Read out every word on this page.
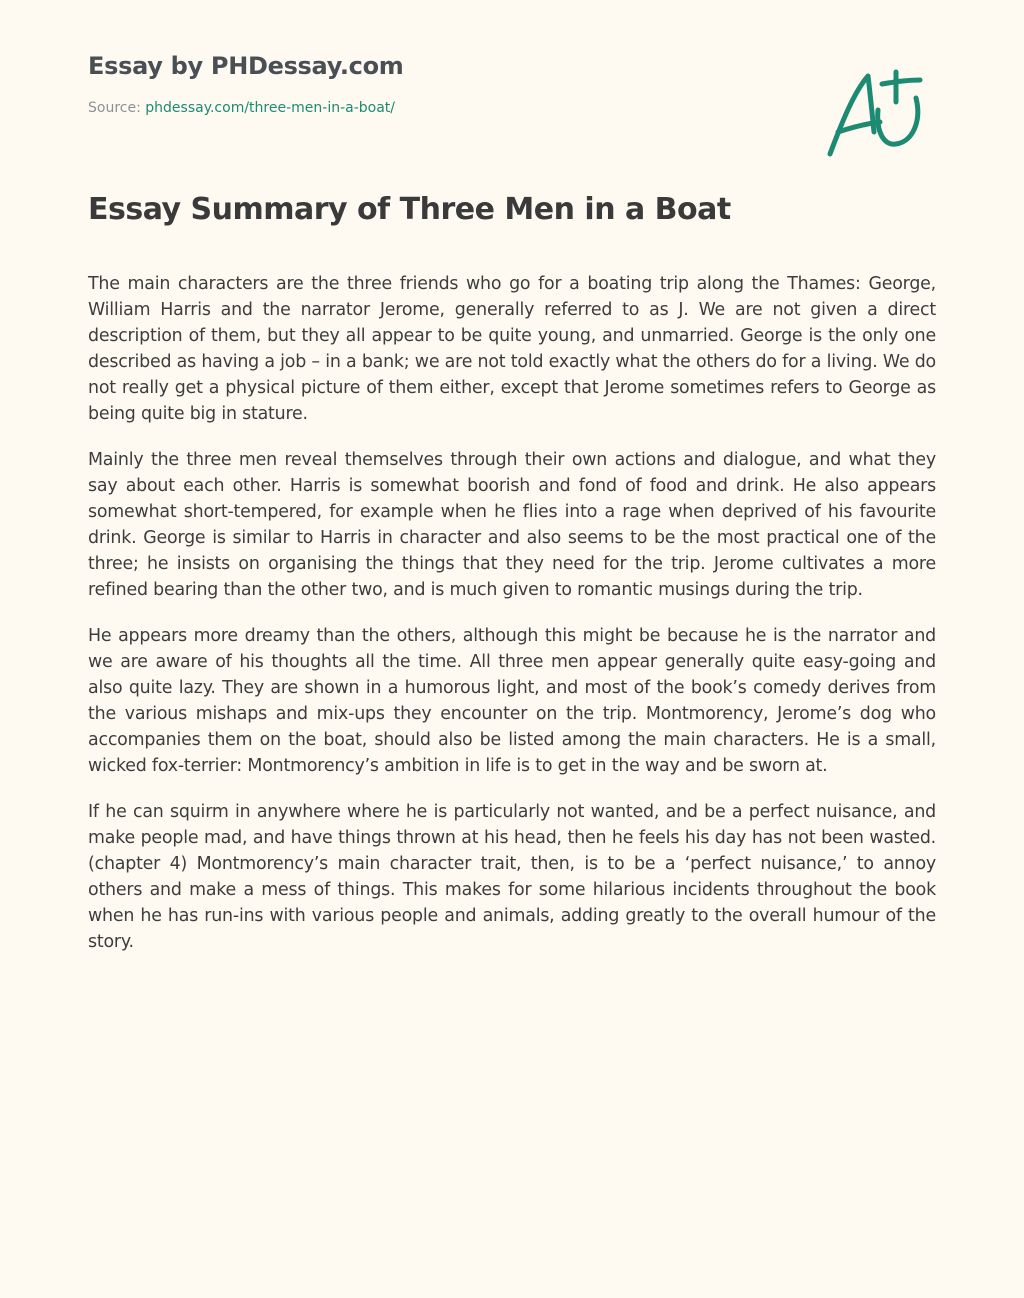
Essay by PHDessay.com
Source: phdessay.com/three-men-in-a-boat/
Essay Summary of Three Men in a Boat

The main characters are the three friends who go for a boating trip along the Thames: George, William Harris and the narrator Jerome, generally referred to as J. We are not given a direct description of them, but they all appear to be quite young, and unmarried. George is the only one described as having a job – in a bank; we are not told exactly what the others do for a living. We do not really get a physical picture of them either, except that Jerome sometimes refers to George as being quite big in stature.

Mainly the three men reveal themselves through their own actions and dialogue, and what they say about each other. Harris is somewhat boorish and fond of food and drink. He also appears somewhat short-tempered, for example when he flies into a rage when deprived of his favourite drink. George is similar to Harris in character and also seems to be the most practical one of the three; he insists on organising the things that they need for the trip. Jerome cultivates a more refined bearing than the other two, and is much given to romantic musings during the trip.

He appears more dreamy than the others, although this might be because he is the narrator and we are aware of his thoughts all the time. All three men appear generally quite easy-going and also quite lazy. They are shown in a humorous light, and most of the book’s comedy derives from the various mishaps and mix-ups they encounter on the trip. Montmorency, Jerome’s dog who accompanies them on the boat, should also be listed among the main characters. He is a small, wicked fox-terrier: Montmorency’s ambition in life is to get in the way and be sworn at.

If he can squirm in anywhere where he is particularly not wanted, and be a perfect nuisance, and make people mad, and have things thrown at his head, then he feels his day has not been wasted. (chapter 4) Montmorency’s main character trait, then, is to be a ‘perfect nuisance,’ to annoy others and make a mess of things. This makes for some hilarious incidents throughout the book when he has run-ins with various people and animals, adding greatly to the overall humour of the story.
